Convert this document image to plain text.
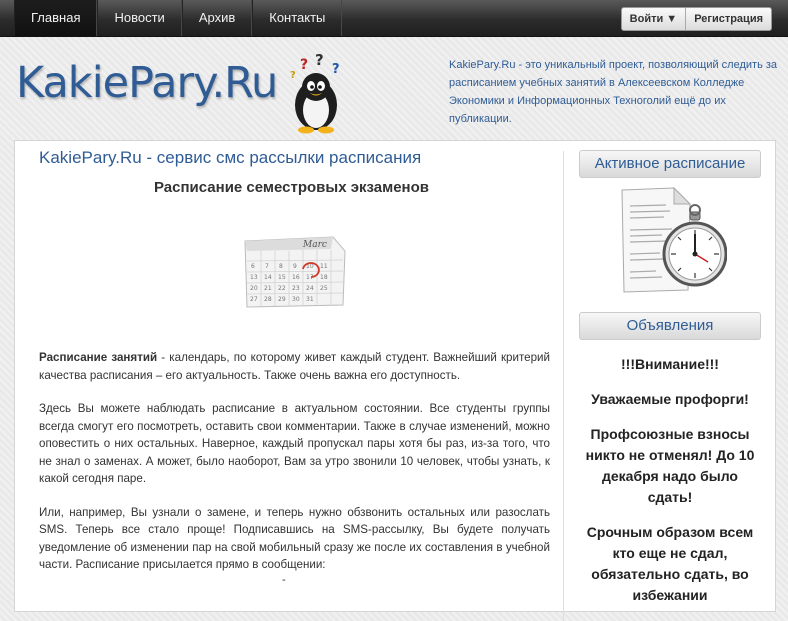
Главная	Новости	Архив	Контакты	Войти ▼	Регистрация
KakiePary.Ru ? ?
?
?
KakiePary.Ru - это уникальный проект, позволяющий следить за расписанием учебных занятий в Алексеевском Колледже Экономики и Информационных Техноголий ещё до их публикации.
KakiePary.Ru - сервис смс рассылки расписания
Расписание семестровых экзаменов
Marc
6 7 8 9 10 11
13 14 15 16 17 18
20 21 22 23 24 25
27 28 29 30 31

Расписание занятий - календарь, по которому живет каждый студент. Важнейший критерий качества расписания – его актуальность. Также очень важна его доступность.

Здесь Вы можете наблюдать расписание в актуальном состоянии. Все студенты группы всегда смогут его посмотреть, оставить свои комментарии. Также в случае изменений, можно оповестить о них остальных. Наверное, каждый пропускал пары хотя бы раз, из-за того, что не знал о заменах. А может, было наоборот, Вам за утро звонили 10 человек, чтобы узнать, к какой сегодня паре.

Или, например, Вы узнали о замене, и теперь нужно обзвонить остальных или разослать SMS. Теперь все стало проще! Подписавшись на SMS-рассылку, Вы будете получать уведомление об изменении пар на свой мобильный сразу же после их составления в учебной части. Расписание присылается прямо в сообщении:

-
Активное расписание
Объявления

!!!Внимание!!!

Уважаемые профорги!

Профсоюзные взносы никто не отменял! До 10 декабря надо было сдать!

Срочным образом всем кто еще не сдал, обязательно сдать, во избежании
